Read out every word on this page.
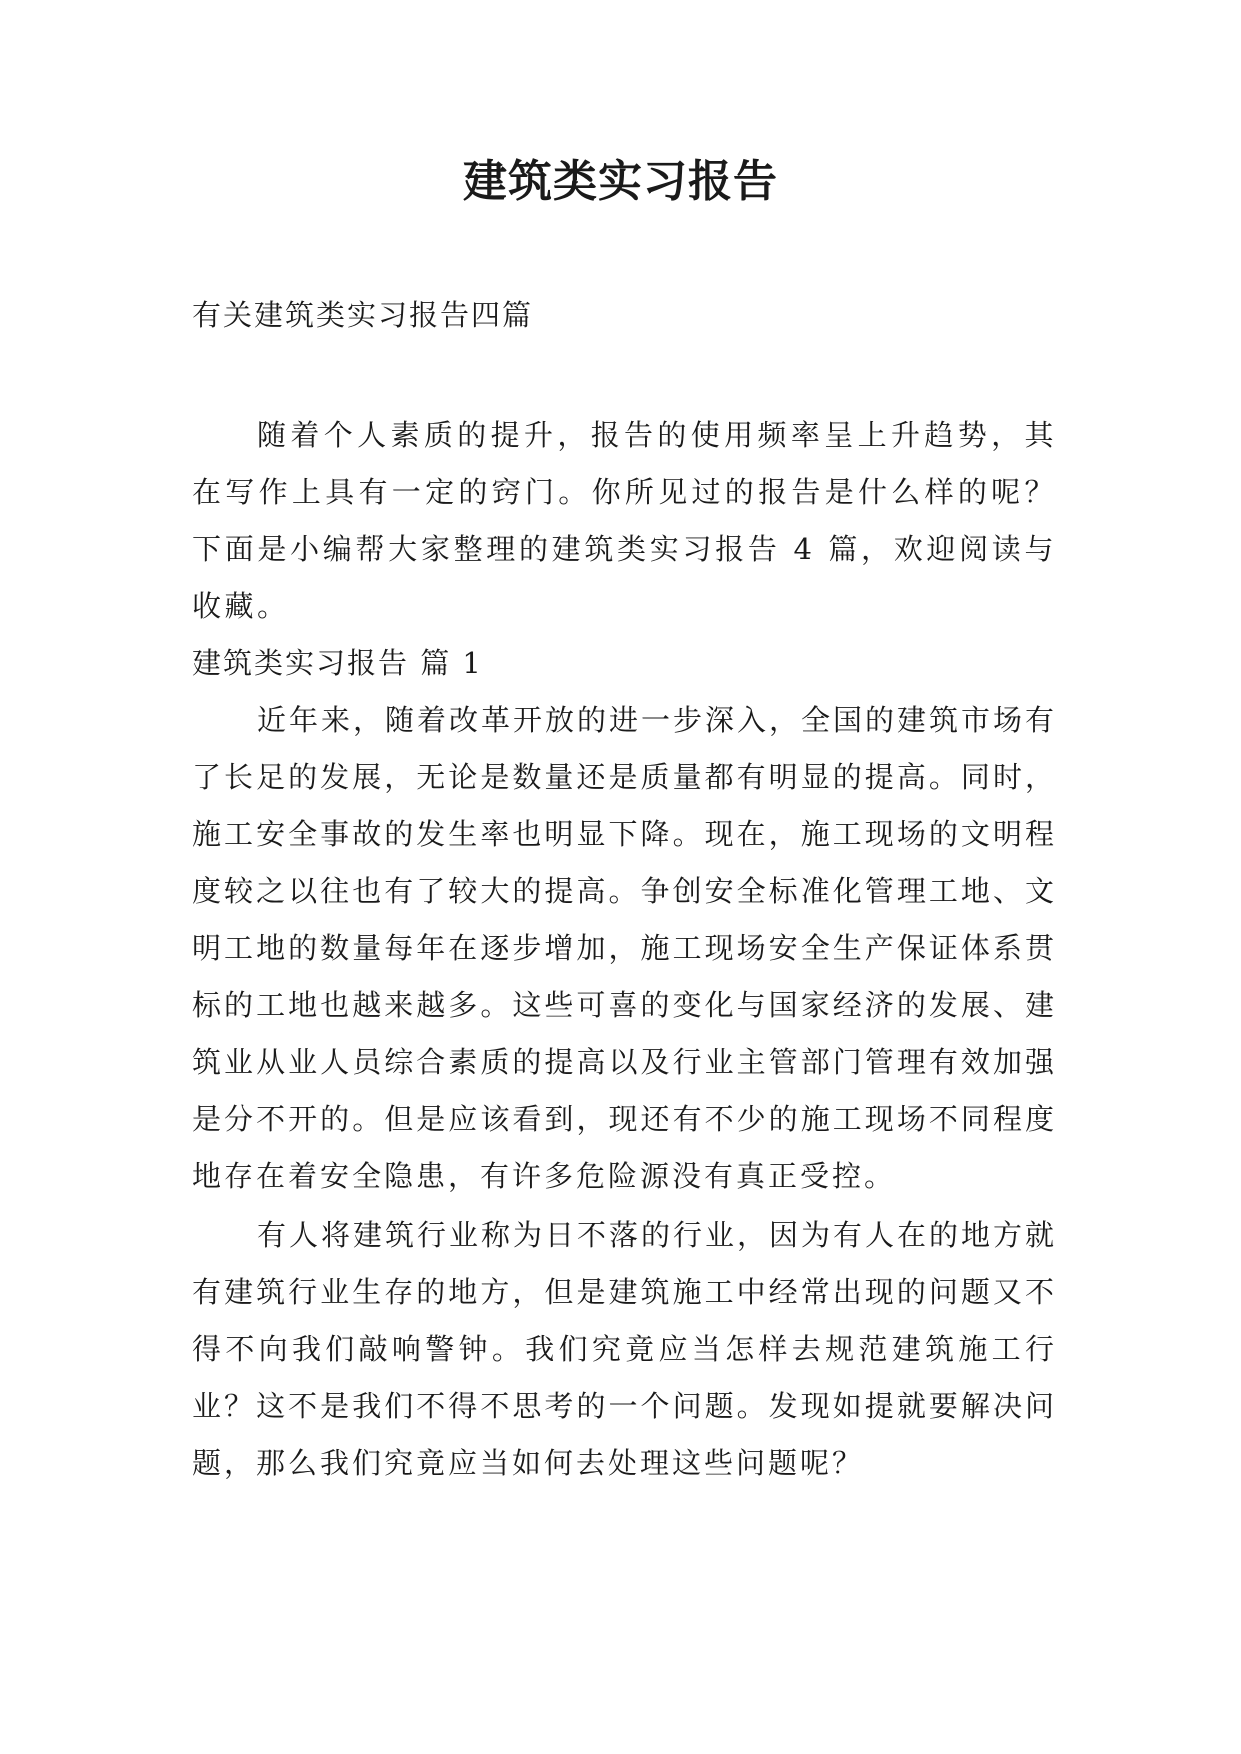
建筑类实习报告

有关建筑类实习报告四篇

随着个人素质的提升，报告的使用频率呈上升趋势，其在写作上具有一定的窍门。你所见过的报告是什么样的呢？下面是小编帮大家整理的建筑类实习报告 4 篇，欢迎阅读与收藏。

建筑类实习报告 篇 1

近年来，随着改革开放的进一步深入，全国的建筑市场有了长足的发展，无论是数量还是质量都有明显的提高。同时，施工安全事故的发生率也明显下降。现在，施工现场的文明程度较之以往也有了较大的提高。争创安全标准化管理工地、文明工地的数量每年在逐步增加，施工现场安全生产保证体系贯标的工地也越来越多。这些可喜的变化与国家经济的发展、建筑业从业人员综合素质的提高以及行业主管部门管理有效加强是分不开的。但是应该看到，现还有不少的施工现场不同程度地存在着安全隐患，有许多危险源没有真正受控。

有人将建筑行业称为日不落的行业，因为有人在的地方就有建筑行业生存的地方，但是建筑施工中经常出现的问题又不得不向我们敲响警钟。我们究竟应当怎样去规范建筑施工行业？这不是我们不得不思考的一个问题。发现如提就要解决问题，那么我们究竟应当如何去处理这些问题呢？
